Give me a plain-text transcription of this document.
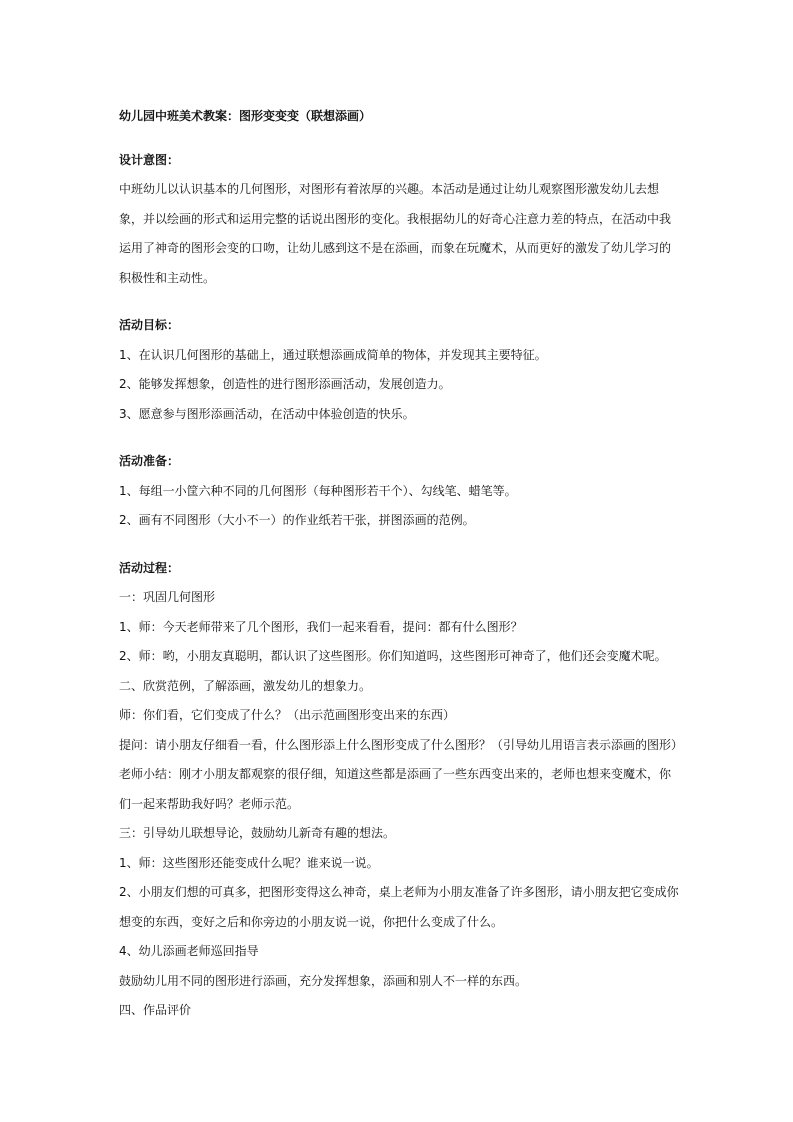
幼儿园中班美术教案：图形变变变（联想添画）

设计意图：

中班幼儿以认识基本的几何图形，对图形有着浓厚的兴趣。本活动是通过让幼儿观察图形激发幼儿去想象，并以绘画的形式和运用完整的话说出图形的变化。我根据幼儿的好奇心注意力差的特点，在活动中我运用了神奇的图形会变的口吻，让幼儿感到这不是在添画，而象在玩魔术，从而更好的激发了幼儿学习的积极性和主动性。

活动目标：

1、在认识几何图形的基础上，通过联想添画成简单的物体，并发现其主要特征。

2、能够发挥想象，创造性的进行图形添画活动，发展创造力。

3、愿意参与图形添画活动，在活动中体验创造的快乐。

活动准备：

1、每组一小筐六种不同的几何图形（每种图形若干个）、勾线笔、蜡笔等。

2、画有不同图形（大小不一）的作业纸若干张，拼图添画的范例。

活动过程：

一：巩固几何图形

1、师：今天老师带来了几个图形，我们一起来看看，提问：都有什么图形？

2、师：哟，小朋友真聪明，都认识了这些图形。你们知道吗，这些图形可神奇了，他们还会变魔术呢。

二、欣赏范例，了解添画，激发幼儿的想象力。

师：你们看，它们变成了什么？（出示范画图形变出来的东西）

提问：请小朋友仔细看一看，什么图形添上什么图形变成了什么图形？（引导幼儿用语言表示添画的图形）

老师小结：刚才小朋友都观察的很仔细，知道这些都是添画了一些东西变出来的，老师也想来变魔术，你们一起来帮助我好吗？老师示范。

三：引导幼儿联想导论，鼓励幼儿新奇有趣的想法。

1、师：这些图形还能变成什么呢？谁来说一说。

2、小朋友们想的可真多，把图形变得这么神奇，桌上老师为小朋友准备了许多图形，请小朋友把它变成你想变的东西，变好之后和你旁边的小朋友说一说，你把什么变成了什么。

4、幼儿添画老师巡回指导

鼓励幼儿用不同的图形进行添画，充分发挥想象，添画和别人不一样的东西。

四、作品评价
